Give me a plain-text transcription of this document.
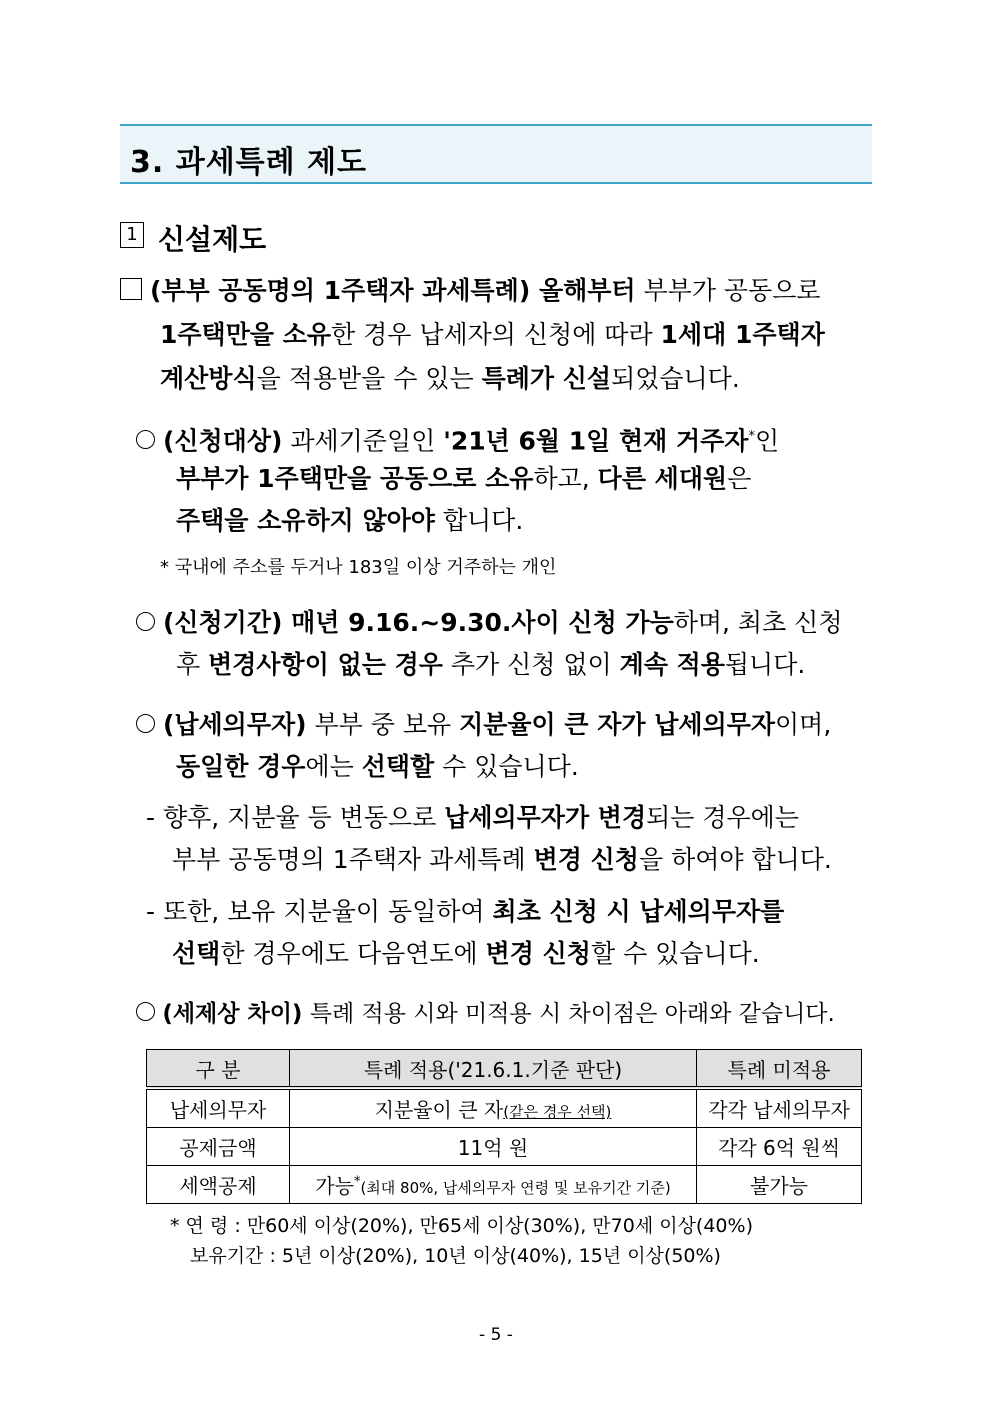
3. 과세특례 제도
1 신설제도
(부부 공동명의 1주택자 과세특례) 올해부터 부부가 공동으로
1주택만을 소유한 경우 납세자의 신청에 따라 1세대 1주택자
계산방식을 적용받을 수 있는 특례가 신설되었습니다.
(신청대상) 과세기준일인 '21년 6월 1일 현재 거주자*인
부부가 1주택만을 공동으로 소유하고, 다른 세대원은
주택을 소유하지 않아야 합니다.
* 국내에 주소를 두거나 183일 이상 거주하는 개인
(신청기간) 매년 9.16.~9.30.사이 신청 가능하며, 최초 신청
후 변경사항이 없는 경우 추가 신청 없이 계속 적용됩니다.
(납세의무자) 부부 중 보유 지분율이 큰 자가 납세의무자이며,
동일한 경우에는 선택할 수 있습니다.
- 향후, 지분율 등 변동으로 납세의무자가 변경되는 경우에는
부부 공동명의 1주택자 과세특례 변경 신청을 하여야 합니다.
- 또한, 보유 지분율이 동일하여 최초 신청 시 납세의무자를
선택한 경우에도 다음연도에 변경 신청할 수 있습니다.
(세제상 차이) 특례 적용 시와 미적용 시 차이점은 아래와 같습니다.
구 분	특례 적용('21.6.1.기준 판단)	특례 미적용
납세의무자	지분율이 큰 자(같은 경우 선택)	각각 납세의무자
공제금액	11억 원	각각 6억 원씩
세액공제	가능*(최대 80%, 납세의무자 연령 및 보유기간 기준)	불가능
* 연 령 : 만60세 이상(20%), 만65세 이상(30%), 만70세 이상(40%)
보유기간 : 5년 이상(20%), 10년 이상(40%), 15년 이상(50%)
- 5 -
